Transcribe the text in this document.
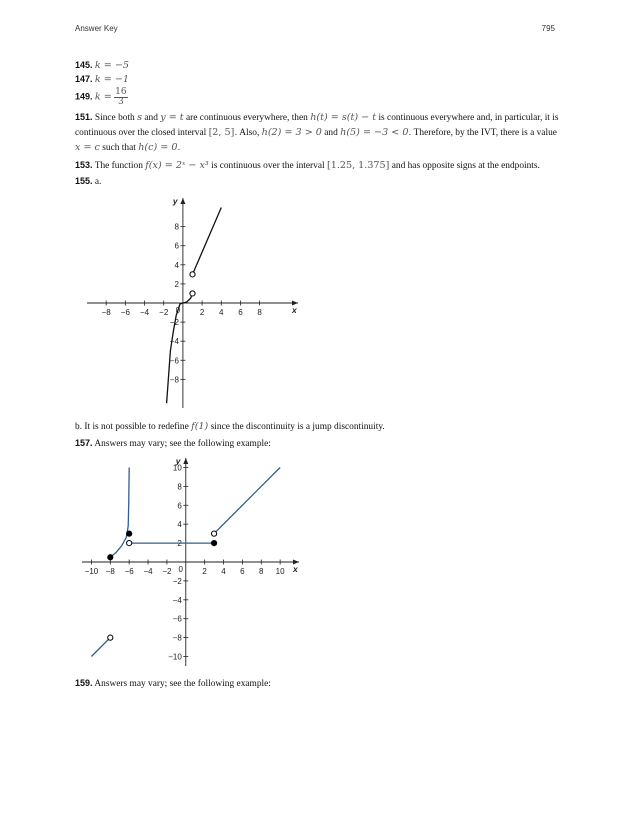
Answer Key	795
145. k = −5
147. k = −1
149. $k = \frac{16}{3}$
151. Since both s and y = t are continuous everywhere, then h(t) = s(t) − t is continuous everywhere and, in particular, it is
continuous over the closed interval [2, 5]. Also, h(2) = 3 > 0 and h(5) = −3 < 0. Therefore, by the IVT, there is a value
x = c such that h(c) = 0.
153. The function f(x) = 2ˣ − x³ is continuous over the interval [1.25, 1.375] and has opposite signs at the endpoints.
155. a.
x
y
0
−8 −6 −4 −2	2 4 6 8
−8
−6
−4
−2
2
4
6
8
b. It is not possible to redefine f(1) since the discontinuity is a jump discontinuity.
157. Answers may vary; see the following example:
x
y
0
−10 −8 −6 −4 −2	2 4 6 8 10
−10
−8
−6
−4
−2
2
4
6
8
10
159. Answers may vary; see the following example:
